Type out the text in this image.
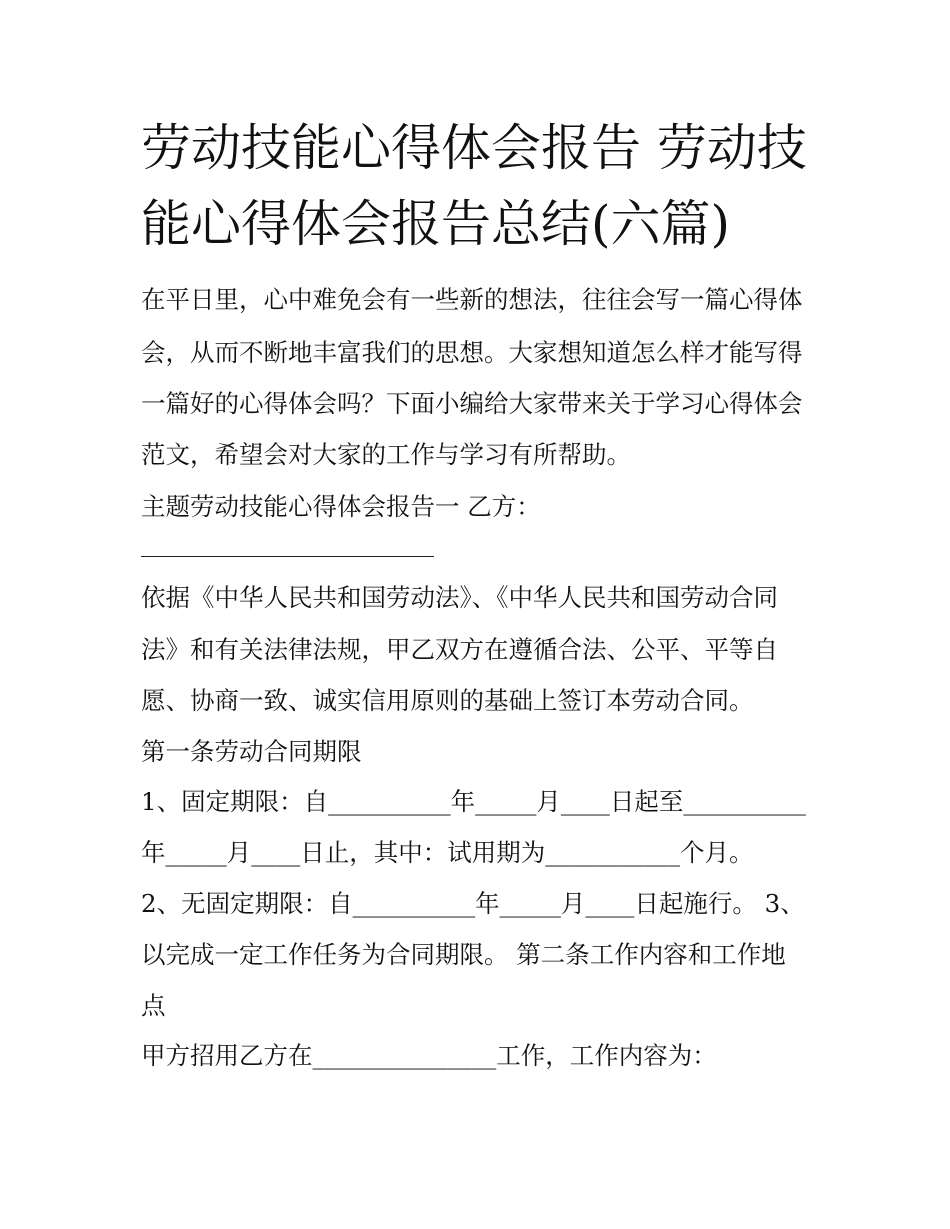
劳动技能心得体会报告 劳动技
能心得体会报告总结(六篇)
在平日里，心中难免会有一些新的想法，往往会写一篇心得体
会，从而不断地丰富我们的思想。大家想知道怎么样才能写得
一篇好的心得体会吗？下面小编给大家带来关于学习心得体会
范文，希望会对大家的工作与学习有所帮助。
主题劳动技能心得体会报告一 乙方：
依据《中华人民共和国劳动法》、《中华人民共和国劳动合同
法》和有关法律法规，甲乙双方在遵循合法、公平、平等自
愿、协商一致、诚实信用原则的基础上签订本劳动合同。
第一条劳动合同期限
1、固定期限：自__________年_____月____日起至__________
年_____月____日止，其中：试用期为___________个月。
2、无固定期限：自__________年_____月____日起施行。 3、
以完成一定工作任务为合同期限。 第二条工作内容和工作地
点
甲方招用乙方在_______________工作，工作内容为：
